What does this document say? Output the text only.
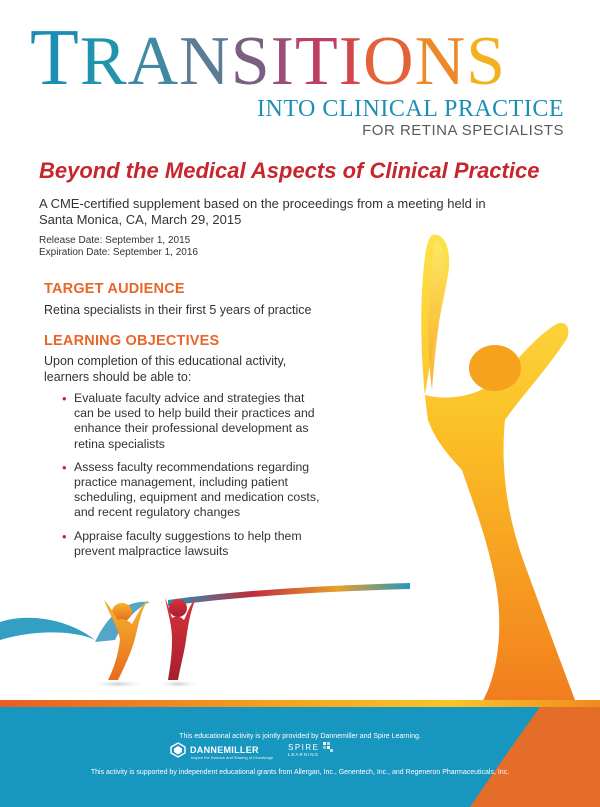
TRANSITIONS
INTO CLINICAL PRACTICE
FOR RETINA SPECIALISTS
Beyond the Medical Aspects of Clinical Practice
A CME-certified supplement based on the proceedings from a meeting held in
Santa Monica, CA, March 29, 2015
Release Date: September 1, 2015
Expiration Date: September 1, 2016
TARGET AUDIENCE
Retina specialists in their first 5 years of practice
LEARNING OBJECTIVES
Upon completion of this educational activity,
learners should be able to:
• Evaluate faculty advice and strategies that
can be used to help build their practices and
enhance their professional development as
retina specialists
• Assess faculty recommendations regarding
practice management, including patient
scheduling, equipment and medication costs,
and recent regulatory changes
• Appraise faculty suggestions to help them
prevent malpractice lawsuits
This educational activity is jointly provided by Dannemiller and Spire Learning.
DANNEMILLER
Inspire the Science and Sharing of Knowledge
SPIRE
LEARNING
This activity is supported by independent educational grants from Allergan, Inc., Genentech, Inc., and Regeneron Pharmaceuticals, Inc.
